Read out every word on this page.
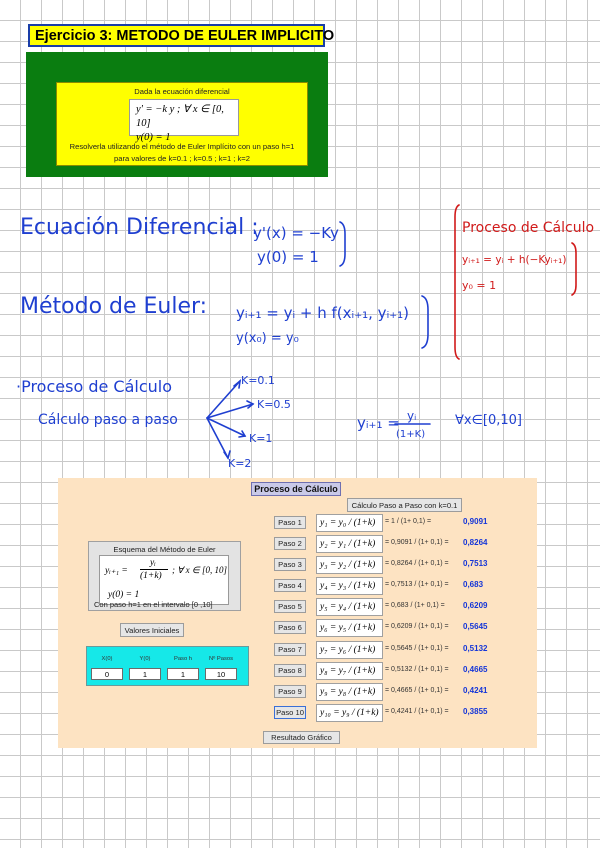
Ejercicio 3: METODO DE EULER IMPLICITO
Dada la ecuación diferencial
y' = −k y ; ∀ x ∈ [0, 10]
y(0) = 1
Resolverla utilizando el método de Euler Implícito con un paso h=1
para valores de k=0.1 ; k=0.5 ; k=1 ; k=2
Ecuación Diferencial :
y'(x) = −Ky
y(0) = 1
Método de Euler: yᵢ₊₁ = yᵢ + h f(xᵢ₊₁, yᵢ₊₁)
y(x₀) = y₀
·Proceso de Cálculo
Cálculo paso a paso
K=0.1
K=0.5
K=1
K=2
yᵢ₊₁ = yᵢ
(1+K)
∀x∈[0,10]
Proceso de Cálculo
yᵢ₊₁ = yᵢ + h(−Kyᵢ₊₁)
y₀ = 1
Proceso de Cálculo
Cálculo Paso a Paso con k=0.1
Paso 1	y₁ = y₀ / (1+k)	= 1 / (1+ 0,1) =	0,9091
Paso 2	y₂ = y₁ / (1+k)	= 0,9091 / (1+ 0,1) = 0,8264
Paso 3	y₃ = y₂ / (1+k)	= 0,8264 / (1+ 0,1) = 0,7513
Paso 4	y₄ = y₃ / (1+k)	= 0,7513 / (1+ 0,1) = 0,683
Paso 5	y₅ = y₄ / (1+k)	= 0,683 / (1+ 0,1) = 0,6209
Paso 6	y₆ = y₅ / (1+k)	= 0,6209 / (1+ 0,1) = 0,5645
Paso 7	y₇ = y₆ / (1+k)	= 0,5645 / (1+ 0,1) = 0,5132
Paso 8	y₈ = y₇ / (1+k)	= 0,5132 / (1+ 0,1) = 0,4665
Paso 9	y₉ = y₈ / (1+k)	= 0,4665 / (1+ 0,1) = 0,4241
Paso 10	y₁₀ = y₉ / (1+k) = 0,4241 / (1+ 0,1) = 0,3855
Esquema del Método de Euler
yᵢ₊₁ =
yᵢ
(1+k)
; ∀ x ∈ [0, 10]
y(0) = 1
Con paso h=1 en el intervalo [0 ,10]
Valores Iniciales
X(0)	Y(0)	Paso h	Nº Pasos
0	1	1	10
Resultado Gráfico
